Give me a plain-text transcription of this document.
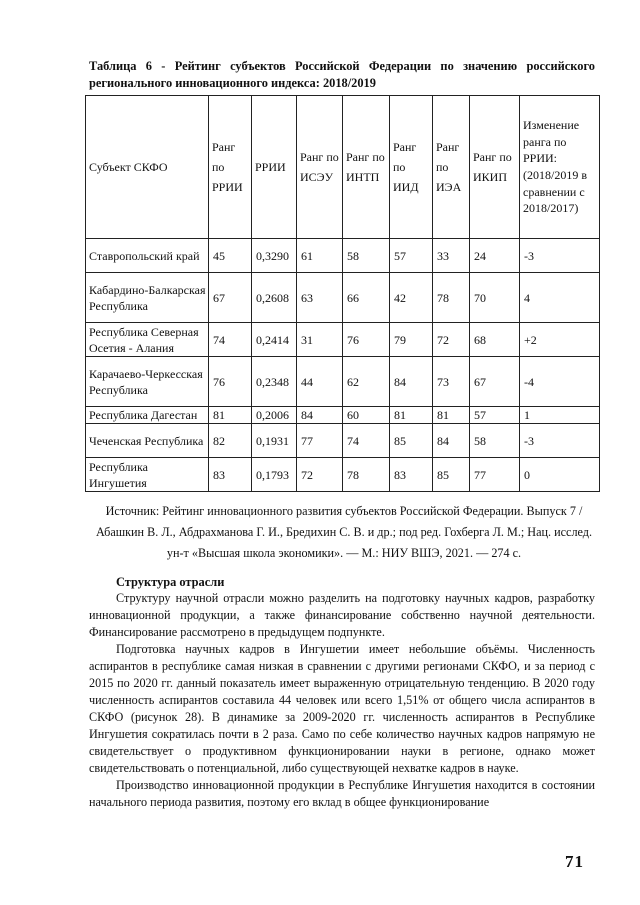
Таблица 6 - Рейтинг субъектов Российской Федерации по значению российского
регионального инновационного индекса: 2018/2019
Субъект СКФО	Ранг по РРИИ	РРИИ	Ранг по ИСЭУ	Ранг по ИНТП	Ранг по ИИД	Ранг по ИЭА	Ранг по ИКИП	Изменение ранга по РРИИ: (2018/2019 в сравнении с 2018/2017)
Ставропольский край	45	0,3290	61	58	57	33	24	-3
Кабардино-Балкарская Республика	67	0,2608	63	66	42	78	70	4
Республика Северная Осетия - Алания	74	0,2414	31	76	79	72	68	+2
Карачаево-Черкесская Республика	76	0,2348	44	62	84	73	67	-4
Республика Дагестан	81	0,2006	84	60	81	81	57	1
Чеченская Республика	82	0,1931	77	74	85	84	58	-3
Республика Ингушетия	83	0,1793	72	78	83	85	77	0
Источник: Рейтинг инновационного развития субъектов Российской Федерации. Выпуск 7 / Абашкин В. Л., Абдрахманова Г. И., Бредихин С. В. и др.; под ред. Гохберга Л. М.; Нац. исслед. ун-т «Высшая школа экономики». — М.: НИУ ВШЭ, 2021. — 274 с.
Структура отрасли

Структуру научной отрасли можно разделить на подготовку научных кадров, разработку инновационной продукции, а также финансирование собственно научной деятельности. Финансирование рассмотрено в предыдущем подпункте.

Подготовка научных кадров в Ингушетии имеет небольшие объёмы. Численность аспирантов в республике самая низкая в сравнении с другими регионами СКФО, и за период с 2015 по 2020 гг. данный показатель имеет выраженную отрицательную тенденцию. В 2020 году численность аспирантов составила 44 человек или всего 1,51% от общего числа аспирантов в СКФО (рисунок 28). В динамике за 2009-2020 гг. численность аспирантов в Республике Ингушетия сократилась почти в 2 раза. Само по себе количество научных кадров напрямую не свидетельствует о продуктивном функционировании науки в регионе, однако может свидетельствовать о потенциальной, либо существующей нехватке кадров в науке.

Производство инновационной продукции в Республике Ингушетия находится в состоянии начального периода развития, поэтому его вклад в общее функционирование

71
